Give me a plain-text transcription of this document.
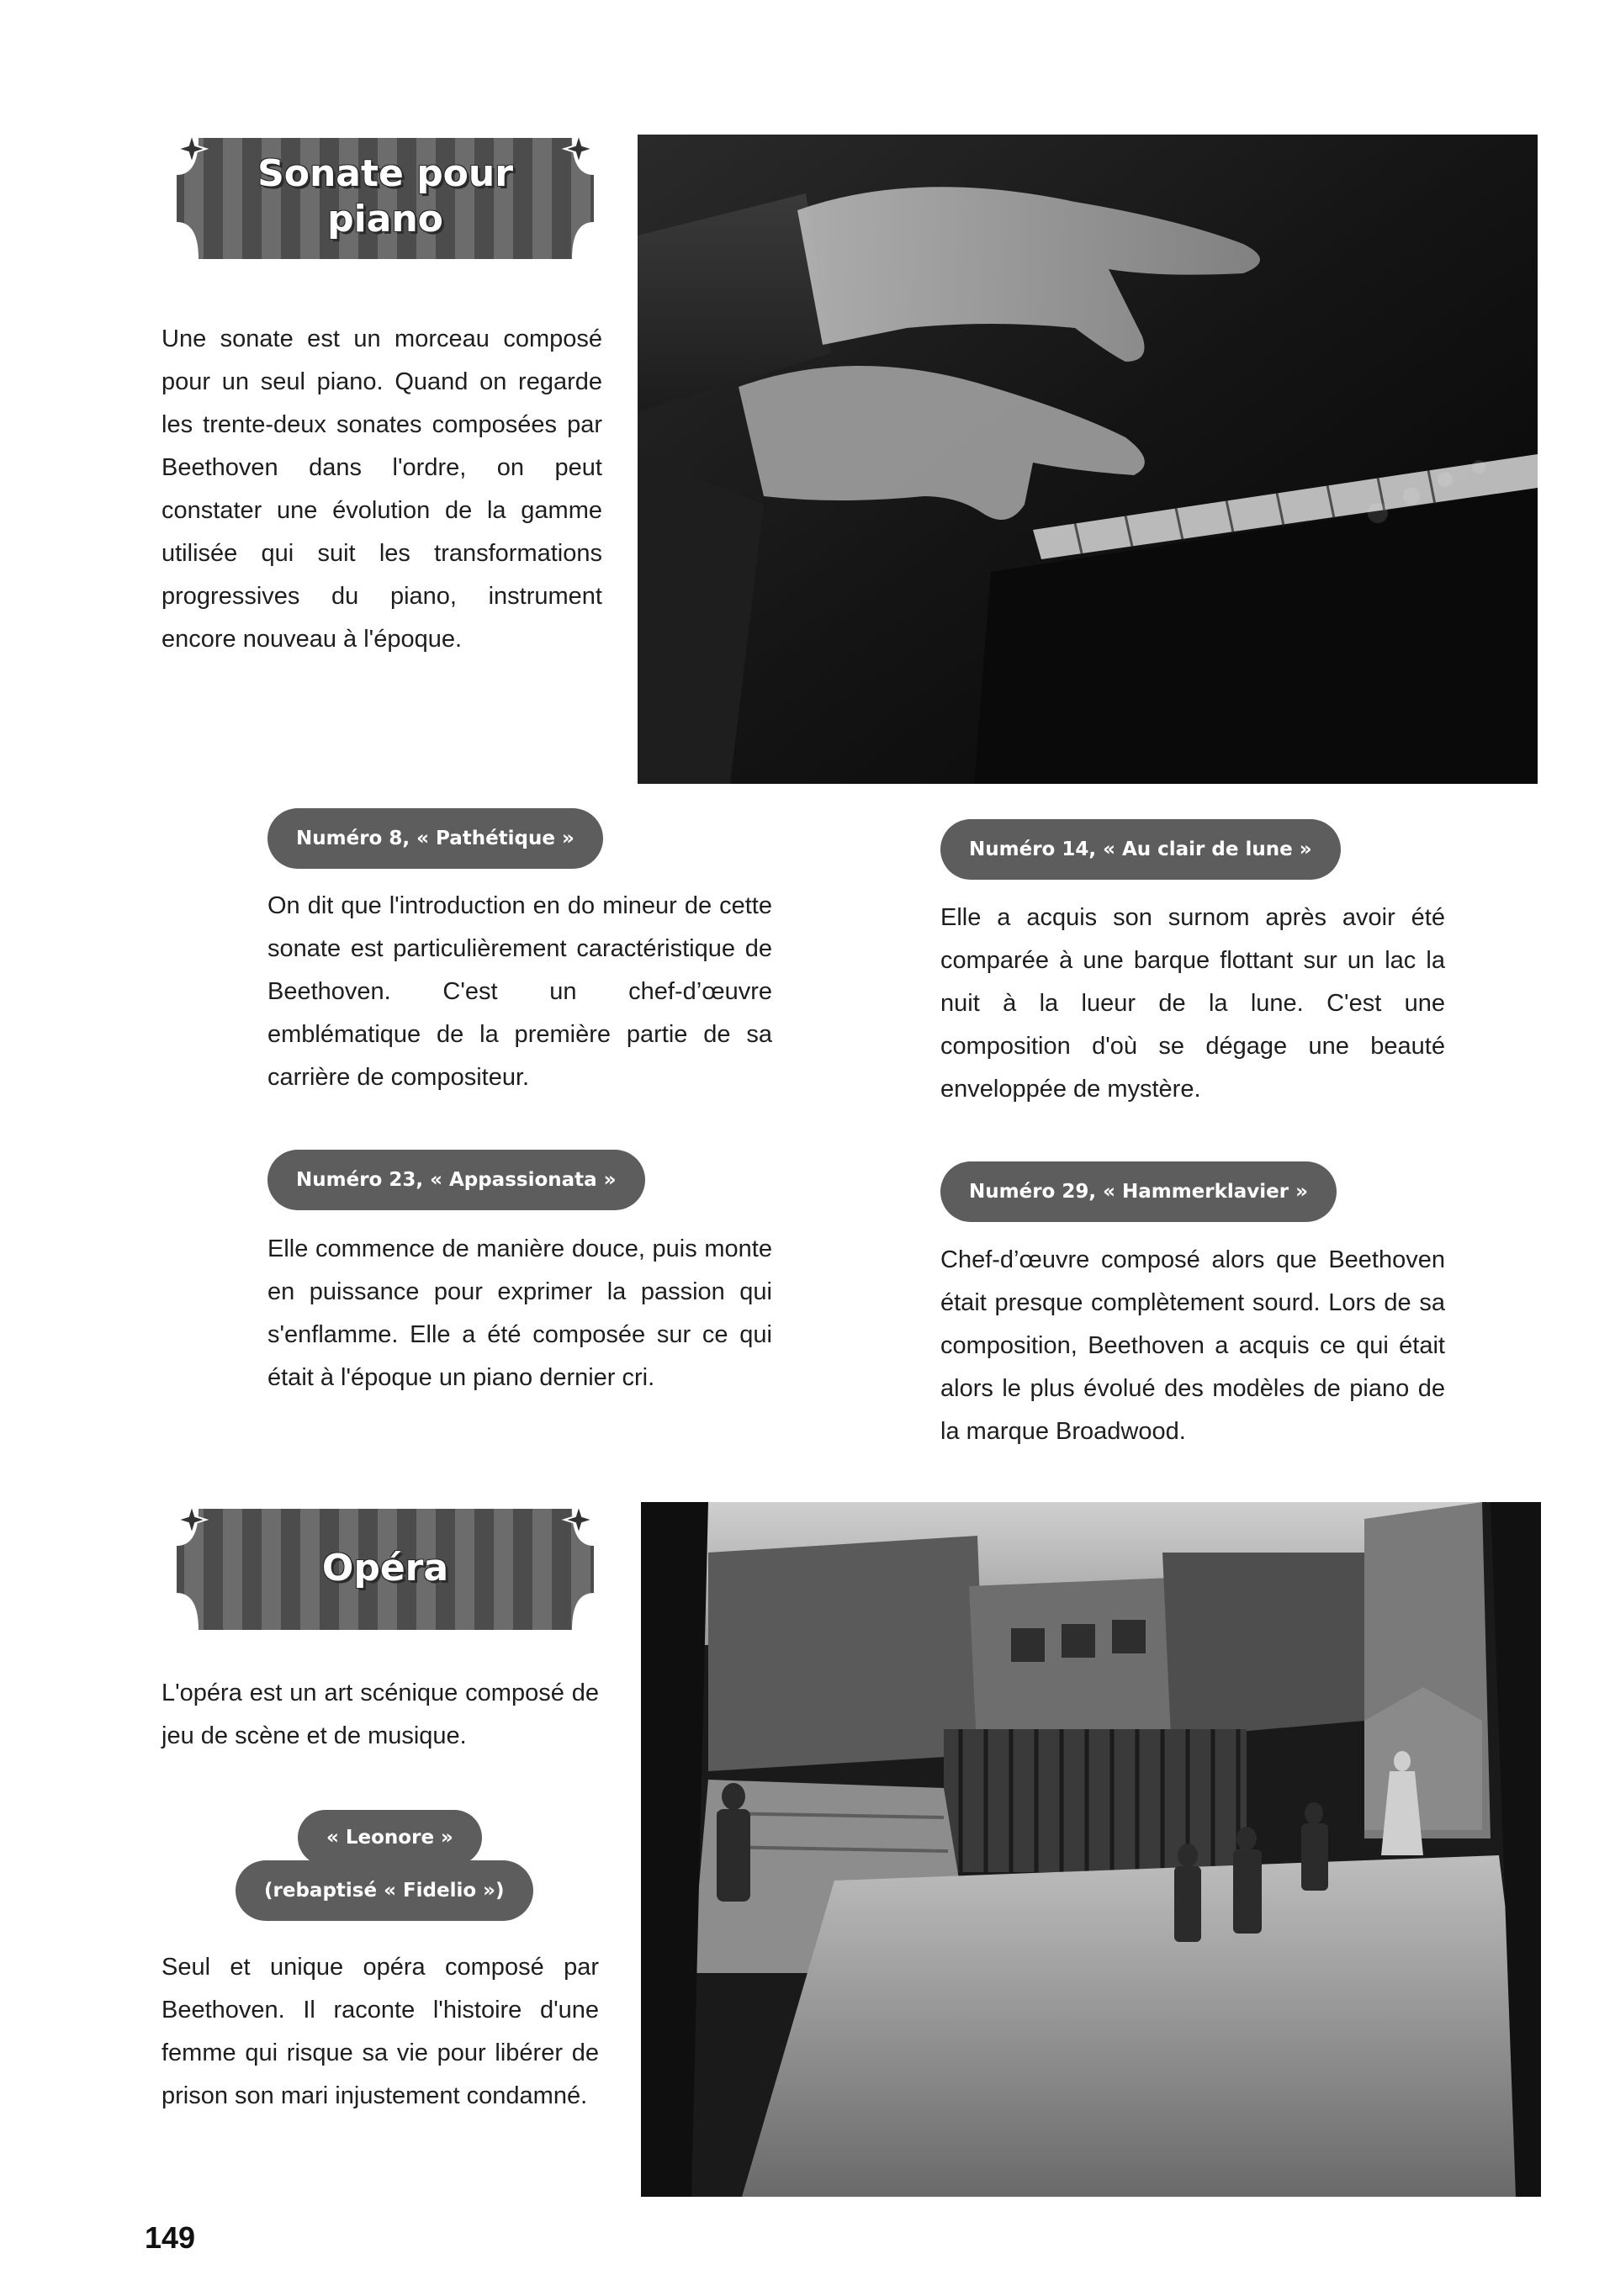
Sonate pour
piano
Une sonate est un morceau composé pour un seul piano. Quand on regarde les trente-deux sonates composées par Beethoven dans l'ordre, on peut constater une évolution de la gamme utilisée qui suit les transformations progressives du piano, instrument encore nouveau à l'époque.
Numéro 8, « Pathétique »
On dit que l'introduction en do mineur de cette sonate est particulièrement caractéristique de Beethoven. C'est un chef-d’œuvre emblématique de la première partie de sa carrière de compositeur.
Numéro 14, « Au clair de lune »
Elle a acquis son surnom après avoir été comparée à une barque flottant sur un lac la nuit à la lueur de la lune. C'est une composition d'où se dégage une beauté enveloppée de mystère.
Numéro 23, « Appassionata »
Elle commence de manière douce, puis monte en puissance pour exprimer la passion qui s'enflamme. Elle a été composée sur ce qui était à l'époque un piano dernier cri.
Numéro 29, « Hammerklavier »
Chef-d’œuvre composé alors que Beethoven était presque complètement sourd. Lors de sa composition, Beethoven a acquis ce qui était alors le plus évolué des modèles de piano de la marque Broadwood.
Opéra
L'opéra est un art scénique composé de jeu de scène et de musique.
« Leonore »
(rebaptisé « Fidelio »)
Seul et unique opéra composé par Beethoven. Il raconte l'histoire d'une femme qui risque sa vie pour libérer de prison son mari injustement condamné.
149
